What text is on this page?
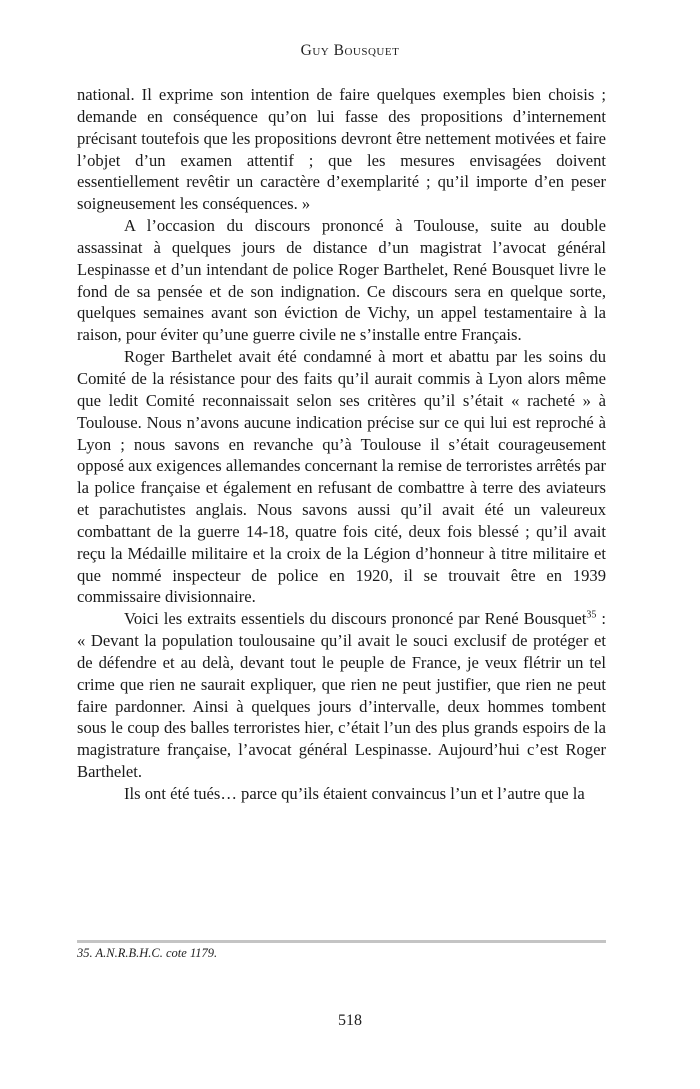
Guy Bousquet

national. Il exprime son intention de faire quelques exemples bien choisis ; demande en conséquence qu’on lui fasse des propositions d’internement précisant toutefois que les propositions devront être nettement motivées et faire l’objet d’un examen attentif ; que les mesures envisagées doivent essentiellement revêtir un caractère d’exemplarité ; qu’il importe d’en peser soigneusement les conséquences. »

A l’occasion du discours prononcé à Toulouse, suite au double assassinat à quelques jours de distance d’un magistrat l’avocat général Lespinasse et d’un intendant de police Roger Barthelet, René Bousquet livre le fond de sa pensée et de son indignation. Ce discours sera en quelque sorte, quelques semaines avant son éviction de Vichy, un appel testamentaire à la raison, pour éviter qu’une guerre civile ne s’installe entre Français.

Roger Barthelet avait été condamné à mort et abattu par les soins du Comité de la résistance pour des faits qu’il aurait commis à Lyon alors même que ledit Comité reconnaissait selon ses critères qu’il s’était « racheté » à Toulouse. Nous n’avons aucune indication précise sur ce qui lui est reproché à Lyon ; nous savons en revanche qu’à Toulouse il s’était courageusement opposé aux exigences allemandes concernant la remise de terroristes arrêtés par la police française et également en refusant de combattre à terre des aviateurs et parachutistes anglais. Nous savons aussi qu’il avait été un valeureux combattant de la guerre 14-18, quatre fois cité, deux fois blessé ; qu’il avait reçu la Médaille militaire et la croix de la Légion d’honneur à titre militaire et que nommé inspecteur de police en 1920, il se trouvait être en 1939 commissaire divisionnaire.

Voici les extraits essentiels du discours prononcé par René Bousquet$^{35}$ : « Devant la population toulousaine qu’il avait le souci exclusif de protéger et de défendre et au delà, devant tout le peuple de France, je veux flétrir un tel crime que rien ne saurait expliquer, que rien ne peut justifier, que rien ne peut faire pardonner. Ainsi à quelques jours d’intervalle, deux hommes tombent sous le coup des balles terroristes hier, c’était l’un des plus grands espoirs de la magistrature française, l’avocat général Lespinasse. Aujourd’hui c’est Roger Barthelet.

Ils ont été tués… parce qu’ils étaient convaincus l’un et l’autre que la

35. A.N.R.B.H.C. cote 1179.
518
